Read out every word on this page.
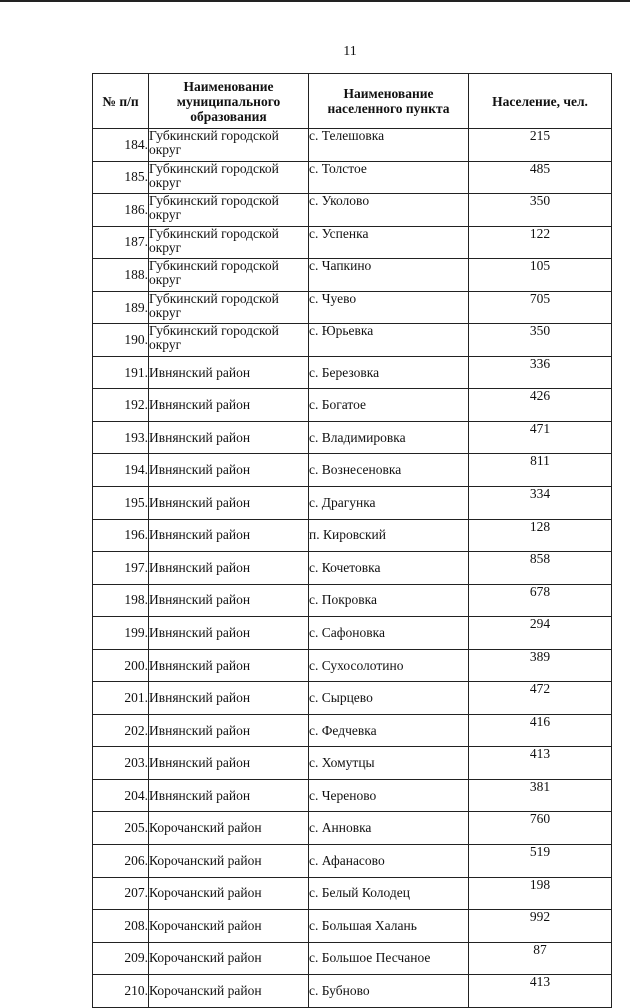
11
№ п/п	Наименование муниципального образования	Наименование населенного пункта	Население, чел.
184.	Губкинский городской округ	с. Телешовка	215
185.	Губкинский городской округ	с. Толстое	485
186.	Губкинский городской округ	с. Уколово	350
187.	Губкинский городской округ	с. Успенка	122
188.	Губкинский городской округ	с. Чапкино	105
189.	Губкинский городской округ	с. Чуево	705
190.	Губкинский городской округ	с. Юрьевка	350
191.	Ивнянский район	с. Березовка	336
192.	Ивнянский район	с. Богатое	426
193.	Ивнянский район	с. Владимировка	471
194.	Ивнянский район	с. Вознесеновка	811
195.	Ивнянский район	с. Драгунка	334
196.	Ивнянский район	п. Кировский	128
197.	Ивнянский район	с. Кочетовка	858
198.	Ивнянский район	с. Покровка	678
199.	Ивнянский район	с. Сафоновка	294
200.	Ивнянский район	с. Сухосолотино	389
201.	Ивнянский район	с. Сырцево	472
202.	Ивнянский район	с. Федчевка	416
203.	Ивнянский район	с. Хомутцы	413
204.	Ивнянский район	с. Череново	381
205.	Корочанский район	с. Анновка	760
206.	Корочанский район	с. Афанасово	519
207.	Корочанский район	с. Белый Колодец	198
208.	Корочанский район	с. Большая Халань	992
209.	Корочанский район	с. Большое Песчаное	87
210.	Корочанский район	с. Бубново	413
